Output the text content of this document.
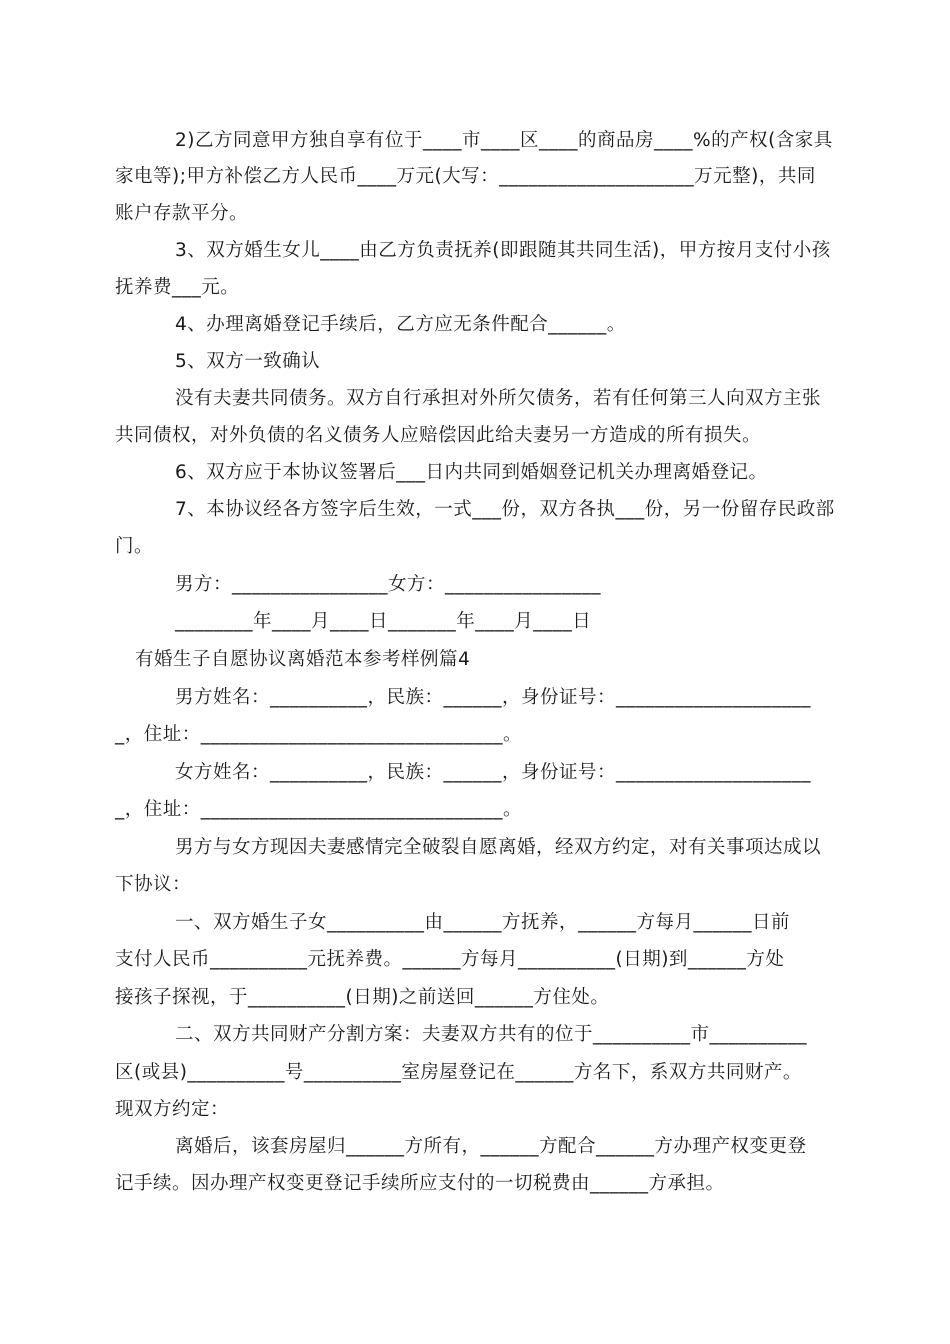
2)乙方同意甲方独自享有位于____市____区____的商品房____%的产权(含家具
家电等);甲方补偿乙方人民币____万元(大写：____________________万元整)，共同
账户存款平分。
3、双方婚生女儿____由乙方负责抚养(即跟随其共同生活)，甲方按月支付小孩
抚养费___元。
4、办理离婚登记手续后，乙方应无条件配合______。
5、双方一致确认
没有夫妻共同债务。双方自行承担对外所欠债务，若有任何第三人向双方主张
共同债权，对外负债的名义债务人应赔偿因此给夫妻另一方造成的所有损失。
6、双方应于本协议签署后___日内共同到婚姻登记机关办理离婚登记。
7、本协议经各方签字后生效，一式___份，双方各执___份，另一份留存民政部
门。
男方：________________女方：________________
________年____月____日_______年____月____日
有婚生子自愿协议离婚范本参考样例篇4
男方姓名：__________，民族：______，身份证号：____________________
_，住址：_______________________________。
女方姓名：__________，民族：______，身份证号：____________________
_，住址：_______________________________。
男方与女方现因夫妻感情完全破裂自愿离婚，经双方约定，对有关事项达成以
下协议：
一、双方婚生子女__________由______方抚养，______方每月______日前
支付人民币__________元抚养费。______方每月__________(日期)到______方处
接孩子探视，于__________(日期)之前送回______方住处。
二、双方共同财产分割方案：夫妻双方共有的位于__________市__________
区(或县)__________号__________室房屋登记在______方名下，系双方共同财产。
现双方约定：
离婚后，该套房屋归______方所有，______方配合______方办理产权变更登
记手续。因办理产权变更登记手续所应支付的一切税费由______方承担。
